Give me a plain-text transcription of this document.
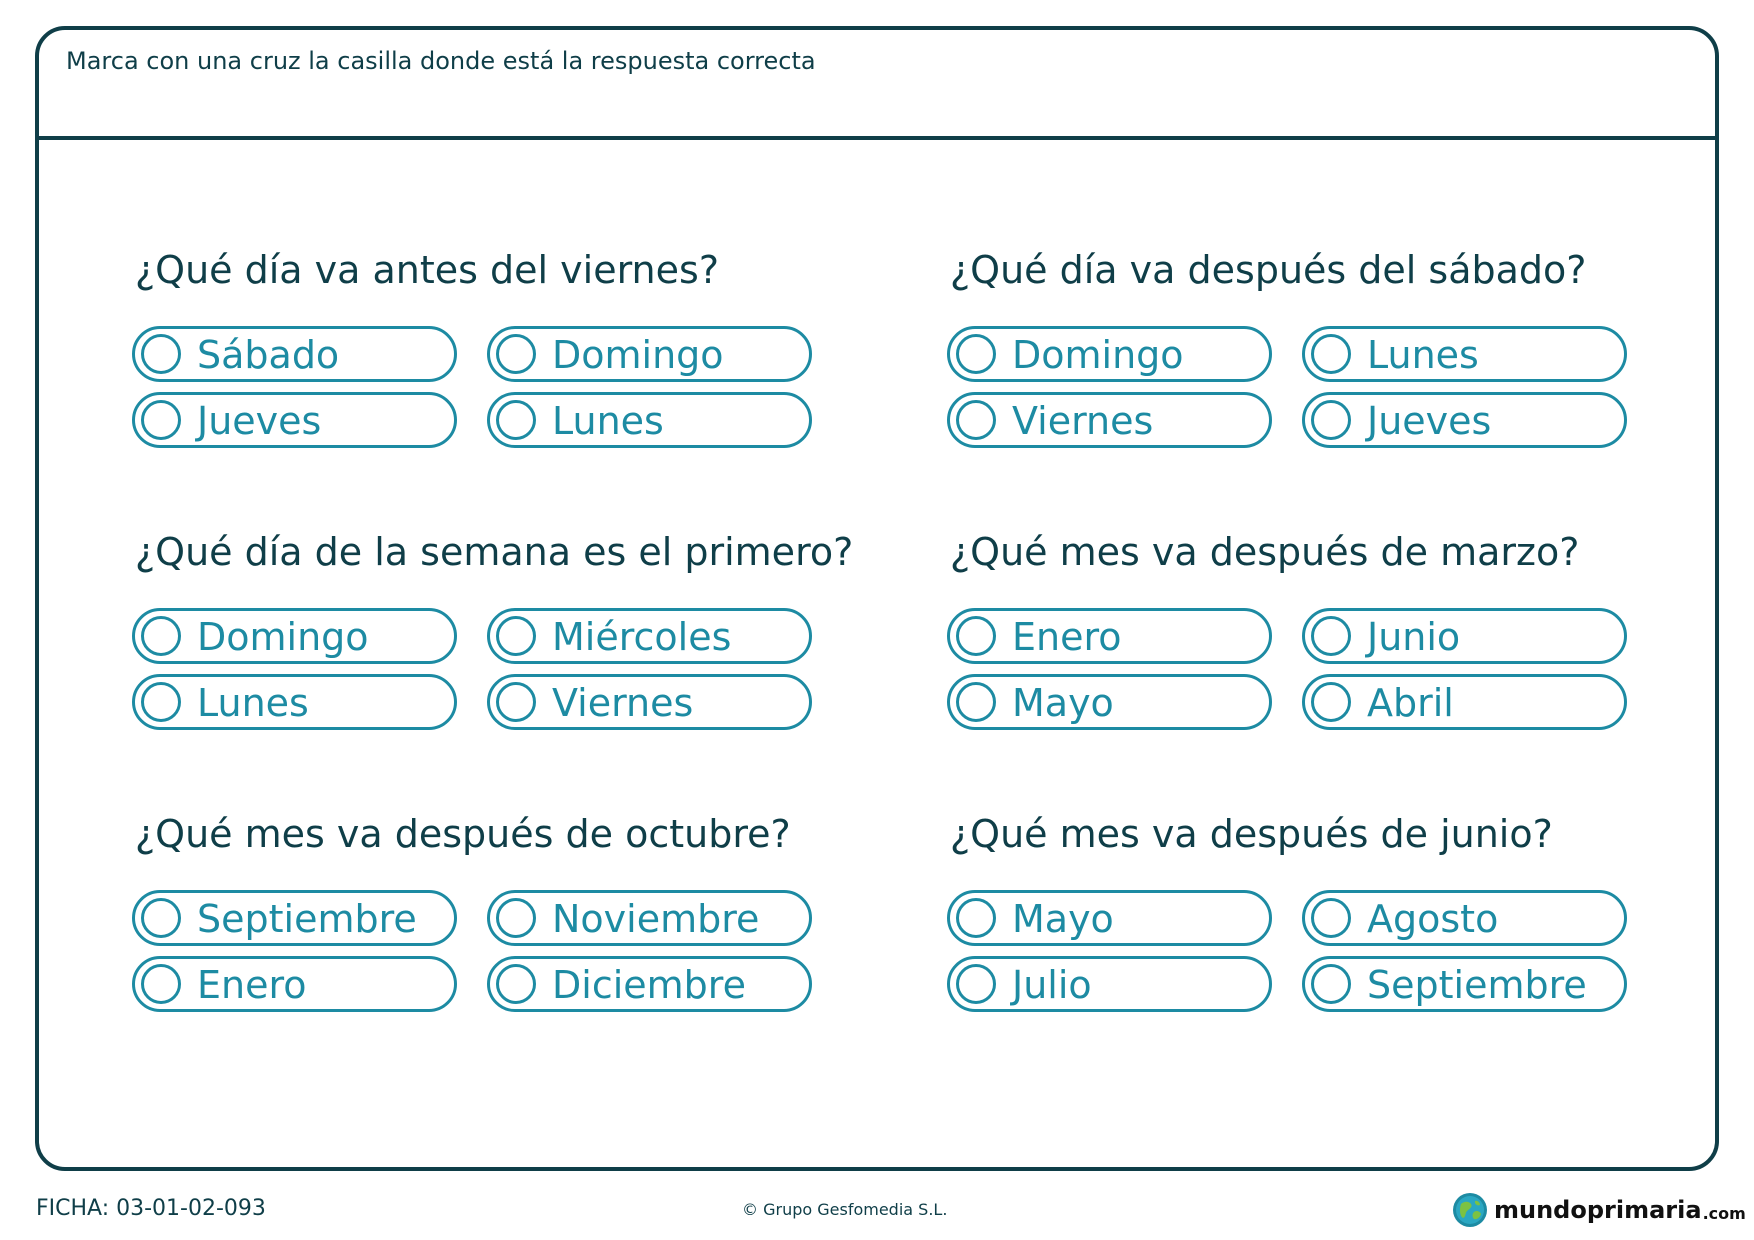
Marca con una cruz la casilla donde está la respuesta correcta
¿Qué día va antes del viernes?
Sábado	Domingo
Jueves	Lunes
¿Qué día va después del sábado?
Domingo	Lunes
Viernes	Jueves
¿Qué día de la semana es el primero?
Domingo	Miércoles
Lunes	Viernes
¿Qué mes va después de marzo?
Enero	Junio
Mayo	Abril
¿Qué mes va después de octubre?
Septiembre	Noviembre
Enero	Diciembre
¿Qué mes va después de junio?
Mayo	Agosto
Julio	Septiembre
FICHA: 03-01-02-093	© Grupo Gesfomedia S.L.	mundoprimaria .com
